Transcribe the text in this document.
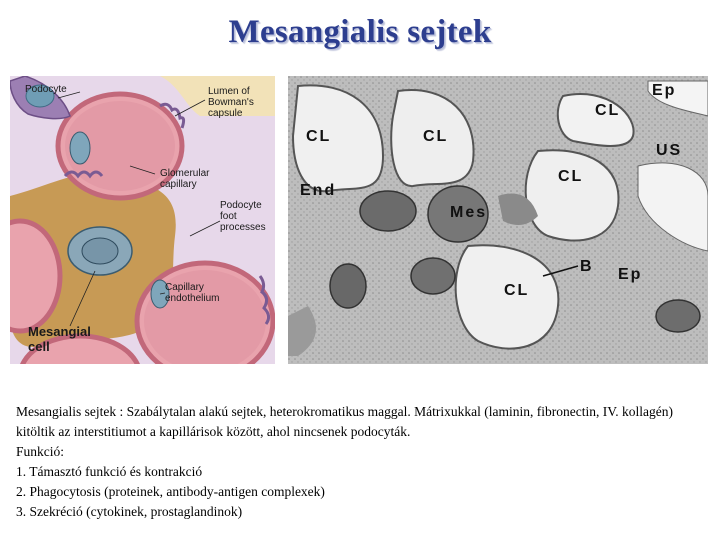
Mesangialis sejtek
Podocyte	Lumen of
Bowman's
capsule
Glomerular
capillary
Podocyte
foot
processes
Capillary
endothelium
Mesangial
cell
CL	CL
CL
CL
CL
Ep
Ep
US
End
Mes
B

Mesangialis sejtek : Szabálytalan alakú sejtek, heterokromatikus maggal. Mátrixukkal (laminin, fibronectin, IV. kollagén) kitöltik az interstitiumot a kapillárisok között, ahol nincsenek podocyták.

Funkció:

1. Támasztó funkció és kontrakció

2. Phagocytosis (proteinek, antibody-antigen complexek)

3. Szekréció (cytokinek, prostaglandinok)
